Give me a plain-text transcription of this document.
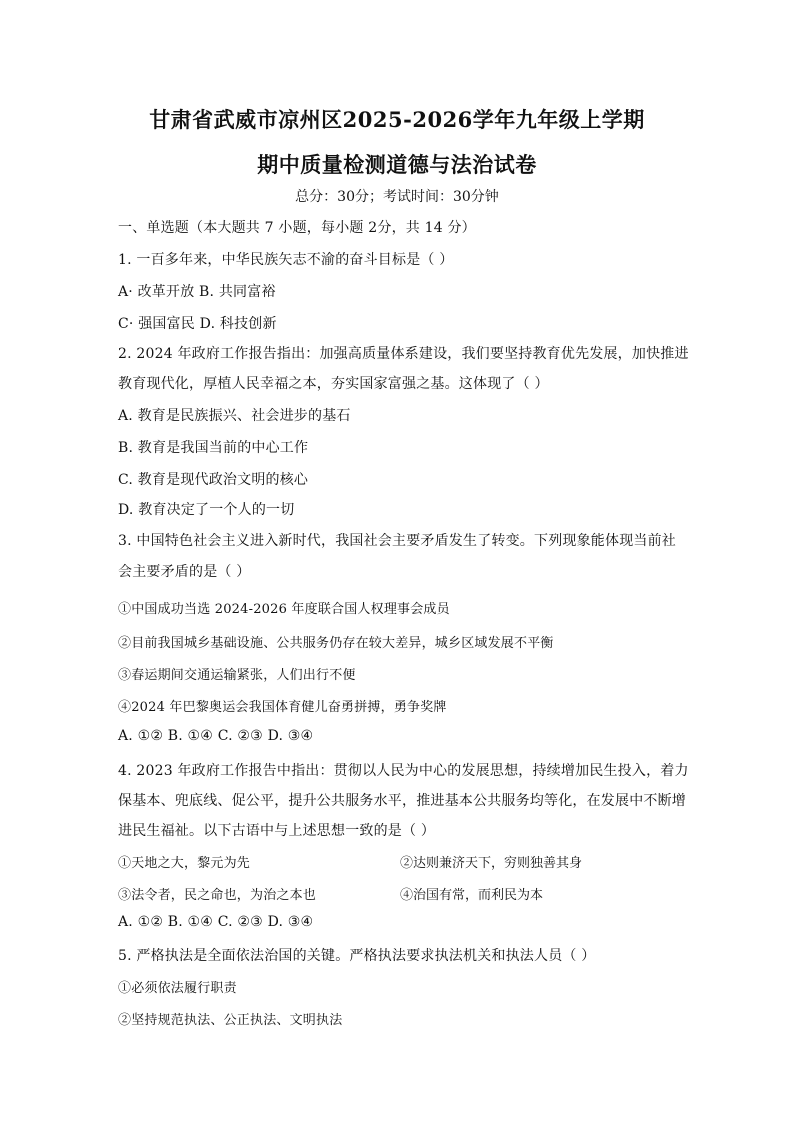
甘肃省武威市凉州区2025-2026学年九年级上学期
期中质量检测道德与法治试卷
总分：30分；考试时间：30分钟
一、单选题（本大题共 7 小题，每小题 2分，共 14 分）
1. 一百多年来，中华民族矢志不渝的奋斗目标是（ ）
A· 改革开放 B. 共同富裕
C· 强国富民 D. 科技创新
2. 2024 年政府工作报告指出：加强高质量体系建设，我们要坚持教育优先发展，加快推进
教育现代化，厚植人民幸福之本，夯实国家富强之基。这体现了（ ）
A. 教育是民族振兴、社会进步的基石
B. 教育是我国当前的中心工作
C. 教育是现代政治文明的核心
D. 教育决定了一个人的一切
3. 中国特色社会主义进入新时代，我国社会主要矛盾发生了转变。下列现象能体现当前社
会主要矛盾的是（ ）
①中国成功当选 2024-2026 年度联合国人权理事会成员
②目前我国城乡基础设施、公共服务仍存在较大差异，城乡区域发展不平衡
③春运期间交通运输紧张，人们出行不便
④2024 年巴黎奥运会我国体育健儿奋勇拼搏，勇争奖牌
A. ①② B. ①④ C. ②③ D. ③④
4. 2023 年政府工作报告中指出：贯彻以人民为中心的发展思想，持续增加民生投入，着力
保基本、兜底线、促公平，提升公共服务水平，推进基本公共服务均等化，在发展中不断增
进民生福祉。以下古语中与上述思想一致的是（ ）
①天地之大，黎元为先	②达则兼济天下，穷则独善其身
③法令者，民之命也，为治之本也	④治国有常，而利民为本
A. ①② B. ①④ C. ②③ D. ③④
5. 严格执法是全面依法治国的关键。严格执法要求执法机关和执法人员（ ）
①必须依法履行职责
②坚持规范执法、公正执法、文明执法
